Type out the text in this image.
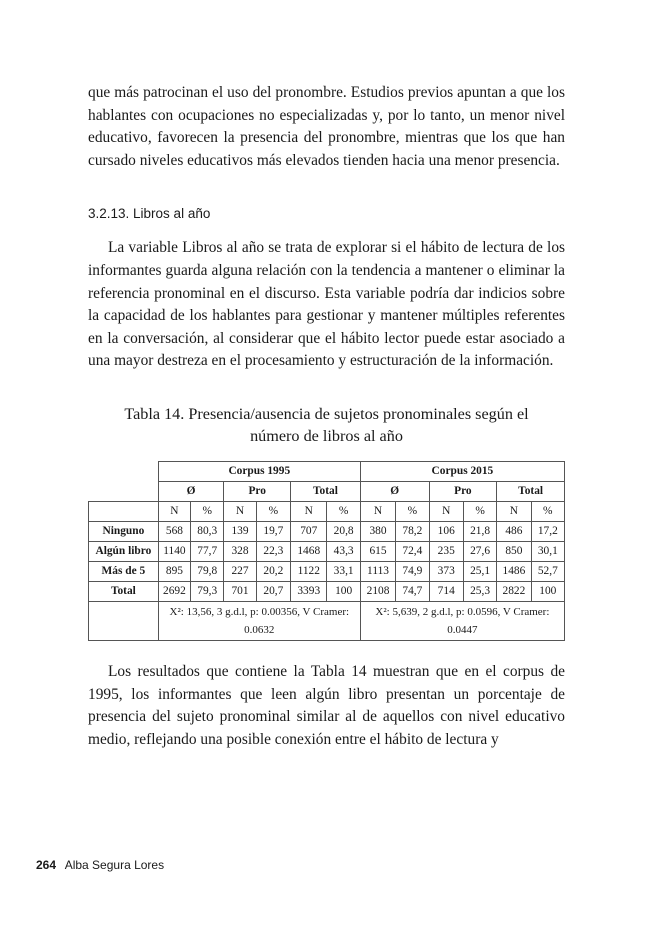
que más patrocinan el uso del pronombre. Estudios previos apuntan a que los hablantes con ocupaciones no especializadas y, por lo tanto, un menor nivel educativo, favorecen la presencia del pronombre, mientras que los que han cursado niveles educativos más elevados tienden hacia una menor presencia.

3.2.13. Libros al año

La variable Libros al año se trata de explorar si el hábito de lectura de los informantes guarda alguna relación con la tendencia a mantener o eliminar la referencia pronominal en el discurso. Esta variable podría dar indicios sobre la capacidad de los hablantes para gestionar y mantener múltiples referentes en la conversación, al considerar que el hábito lector puede estar asociado a una mayor destreza en el procesamiento y estructuración de la información.

Tabla 14. Presencia/ausencia de sujetos pronominales según el
número de libros al año
	Corpus 1995						Corpus 2015					
	Ø		Pro		Total		Ø		Pro		Total	
	N	%	N	%	N	%	N	%	N	%	N	%
Ninguno	568	80,3	139	19,7	707	20,8	380	78,2	106	21,8	486	17,2
Algún libro	1140	77,7	328	22,3	1468	43,3	615	72,4	235	27,6	850	30,1
Más de 5	895	79,8	227	20,2	1122	33,1	1113	74,9	373	25,1	1486	52,7
Total	2692	79,3	701	20,7	3393	100	2108	74,7	714	25,3	2822	100
	X²: 13,56, 3 g.d.l, p: 0.00356, V Cramer: 0.0632						X²: 5,639, 2 g.d.l, p: 0.0596, V Cramer: 0.0447					

Los resultados que contiene la Tabla 14 muestran que en el corpus de 1995, los informantes que leen algún libro presentan un porcentaje de presencia del sujeto pronominal similar al de aquellos con nivel educativo medio, reflejando una posible conexión entre el hábito de lectura y

264 Alba Segura Lores
